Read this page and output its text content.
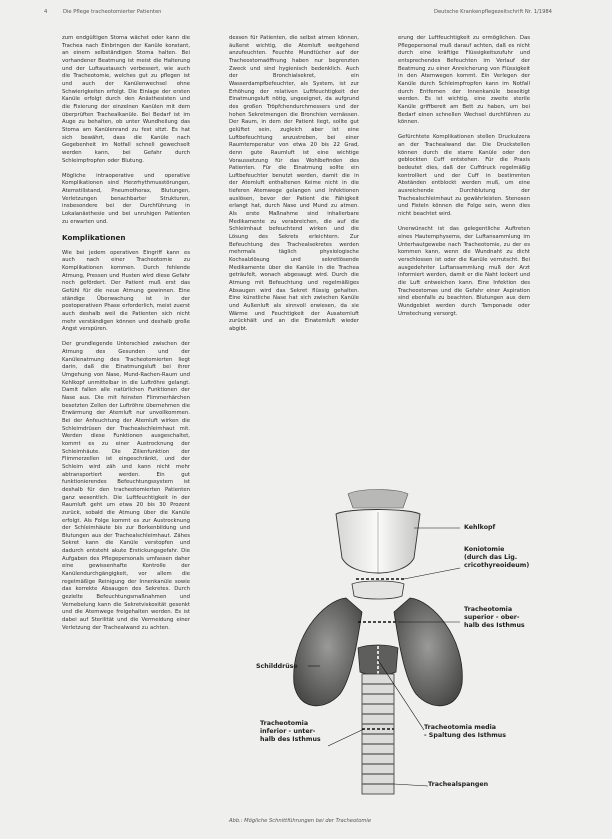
4	Die Pflege tracheotomierter Patienten	Deutsche Krankenpflegezeitschrift Nr. 1/1984

zum endgültigen Stoma wächst oder kann die Trachea nach Einbringen der Kanüle konstant, an einem selbständigen Stoma halten. Bei vorhandener Beatmung ist meist die Halterung und der Luftaustausch verbessert, wie auch die Tracheotomie, welches gut zu pflegen ist und auch der Kanülenwechsel ohne Schwierigkeiten erfolgt. Die Einlage der ersten Kanüle erfolgt durch den Anästhesisten und die Fixierung der einzelnen Kanülen mit dem überprüften Trachealkanüle. Bei Bedarf ist im Auge zu behalten, ob unter Wundheilung das Stoma am Kanülenrand zu fest sitzt. Es hat sich bewährt, dass die Kanüle nach Gegebenheit im Notfall schnell gewechselt werden kann, bei Gefahr durch Schleimpfropfen oder Blutung.

Mögliche intraoperative und operative Komplikationen sind Herzrhythmusstörungen, Atemstillstand, Pneumothorax, Blutungen, Verletzungen benachbarter Strukturen, insbesondere bei der Durchführung in Lokalanästhesie und bei unruhigen Patienten zu erwarten und.

Komplikationen

Wie bei jedem operativen Eingriff kann es auch nach einer Tracheotomie zu Komplikationen kommen. Durch fehlende Atmung, Pressen und Husten wird diese Gefahr noch gefördert. Der Patient muß erst das Gefühl für die neue Atmung gewinnen. Eine ständige Überwachung ist in der postoperativen Phase erforderlich, meist zuerst auch deshalb weil die Patienten sich nicht mehr verständigen können und deshalb große Angst verspüren.

Der grundlegende Unterschied zwischen der Atmung des Gesunden und der Kanülenatmung des Tracheotomierten liegt darin, daß die Einatmungsluft bei ihrer Umgehung von Nase, Mund-Rachen-Raum und Kehlkopf unmittelbar in die Luftröhre gelangt. Damit fallen alle natürlichen Funktionen der Nase aus. Die mit feinsten Flimmerhärchen besetzten Zellen der Luftröhre übernehmen die Erwärmung der Atemluft nur unvollkommen. Bei der Anfeuchtung der Atemluft wirken die Schleimdrüsen der Trachealschleimhaut mit. Werden diese Funktionen ausgeschaltet, kommt es zu einer Austrocknung der Schleimhäute. Die Zilienfunktion der Flimmerzellen ist eingeschränkt, und der Schleim wird zäh und kann nicht mehr abtransportiert werden. Ein gut funktionierendes Befeuchtungssystem ist deshalb für den tracheotomierten Patienten ganz wesentlich. Die Luftfeuchtigkeit in der Raumluft geht um etwa 20 bis 30 Prozent zurück, sobald die Atmung über die Kanüle erfolgt. Als Folge kommt es zur Austrocknung der Schleimhäute bis zur Borkenbildung und Blutungen aus der Trachealschleimhaut. Zähes Sekret kann die Kanüle verstopfen und dadurch entsteht akute Erstickungsgefahr. Die Aufgaben des Pflegepersonals umfassen daher eine gewissenhafte Kontrolle der Kanülendurchgängigkeit, vor allem die regelmäßige Reinigung der Innenkanüle sowie das korrekte Absaugen des Sekretes. Durch gezielte Befeuchtungsmaßnahmen und Vernebelung kann die Sekretviskosität gesenkt und die Atemwege freigehalten werden. Es ist dabei auf Sterilität und die Vermeidung einer Verletzung der Trachealwand zu achten.

dessen für Patienten, die selbst atmen können, äußerst wichtig, die Atemluft weitgehend anzufeuchten. Feuchte Mundtücher auf der Tracheostomaöffnung haben nur begrenzten Zweck und sind hygienisch bedenklich. Auch der Bronchialsekret, ein Wasserdampfbefeuchter, als System, ist zur Erhöhung der relativen Luftfeuchtigkeit der Einatmungsluft nötig, ungeeignet, da aufgrund des großen Tröpfchendurchmessers und der hohen Sekretmengen die Bronchien vernässen. Der Raum, in dem der Patient liegt, sollte gut gelüftet sein, zugleich aber ist eine Luftbefeuchtung anzustreben, bei einer Raumtemperatur von etwa 20 bis 22 Grad, denn gute Raumluft ist eine wichtige Voraussetzung für das Wohlbefinden des Patienten. Für die Einatmung sollte ein Luftbefeuchter benutzt werden, damit die in der Atemluft enthaltenen Keime nicht in die tieferen Atemwege gelangen und Infektionen auslösen, bevor der Patient die Fähigkeit erlangt hat, durch Nase und Mund zu atmen. Als erste Maßnahme sind inhalierbare Medikamente zu verabreichen, die auf die Schleimhaut befeuchtend wirken und die Lösung des Sekrets erleichtern. Zur Befeuchtung des Trachealsekretes werden mehrmals täglich physiologische Kochsalzlösung und sekretlösende Medikamente über die Kanüle in die Trachea geträufelt, wonach abgesaugt wird. Durch die Atmung mit Befeuchtung und regelmäßiges Absaugen wird das Sekret flüssig gehalten. Eine künstliche Nase hat sich zwischen Kanüle und Außenluft als sinnvoll erwiesen, da sie Wärme und Feuchtigkeit der Ausatemluft zurückhält und an die Einatemluft wieder abgibt.

erung der Luftfeuchtigkeit zu ermöglichen. Das Pflegepersonal muß darauf achten, daß es nicht durch eine kräftige Flüssigkeitszufuhr und entsprechendes Befeuchten im Verlauf der Beatmung zu einer Anreicherung von Flüssigkeit in den Atemwegen kommt. Ein Verlegen der Kanüle durch Schleimpfropfen kann im Notfall durch Entfernen der Innenkanüle beseitigt werden. Es ist wichtig, eine zweite sterile Kanüle griffbereit am Bett zu haben, um bei Bedarf einen schnellen Wechsel durchführen zu können.

Gefürchtete Komplikationen stellen Druckulzera an der Trachealwand dar. Die Druckstellen können durch die starre Kanüle oder den geblockten Cuff entstehen. Für die Praxis bedeutet dies, daß der Cuffdruck regelmäßig kontrolliert und der Cuff in bestimmten Abständen entblockt werden muß, um eine ausreichende Durchblutung der Trachealschleimhaut zu gewährleisten. Stenosen und Fisteln können die Folge sein, wenn dies nicht beachtet wird.

Unerwünscht ist das gelegentliche Auftreten eines Hautemphysems, der Luftansammlung im Unterhautgewebe nach Tracheotomie, zu der es kommen kann, wenn die Wundnaht zu dicht verschlossen ist oder die Kanüle verrutscht. Bei ausgedehnter Luftansammlung muß der Arzt informiert werden, damit er die Naht lockert und die Luft entweichen kann. Eine Infektion des Tracheostomas und die Gefahr einer Aspiration sind ebenfalls zu beachten. Blutungen aus dem Wundgebiet werden durch Tamponade oder Umstechung versorgt.

Kehlkopf
Koniotomie
(durch das Lig.
cricothyreoideum)
Tracheotomia
superior - ober-
halb des Isthmus
Schilddrüse
Tracheotomia
inferior - unter-
halb des Isthmus
Tracheotomia media
- Spaltung des Isthmus
Trachealspangen
Abb.: Mögliche Schnittführungen bei der Tracheotomie
